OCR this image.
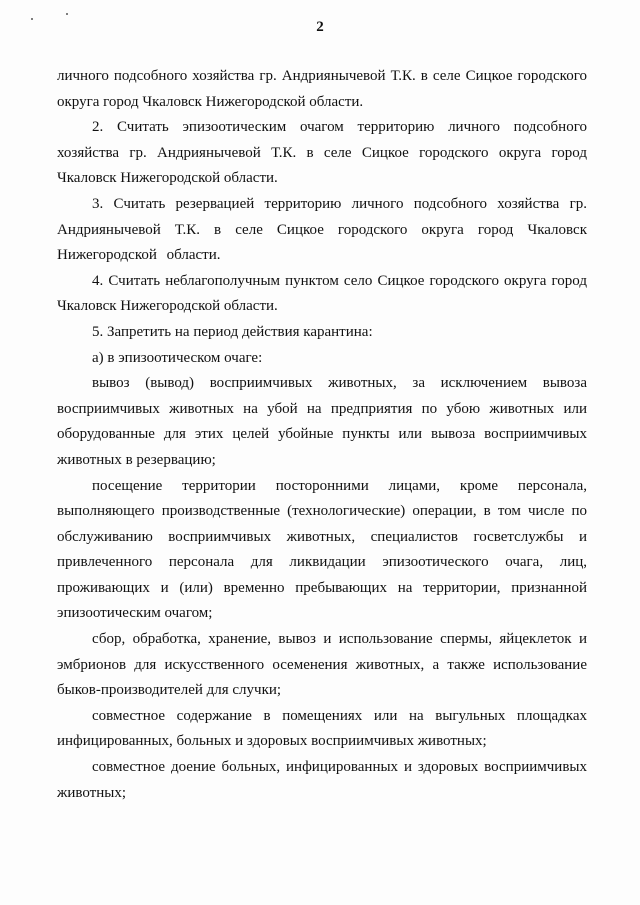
2

личного подсобного хозяйства гр. Андриянычевой Т.К. в селе Сицкое городского округа город Чкаловск Нижегородской области.

2. Считать эпизоотическим очагом территорию личного подсобного хозяйства гр. Андриянычевой Т.К. в селе Сицкое городского округа город Чкаловск Нижегородской области.

3. Считать резервацией территорию личного подсобного хозяйства гр. Андриянычевой Т.К. в селе Сицкое городского округа город Чкаловск Нижегородской области.

4. Считать неблагополучным пунктом село Сицкое городского округа город Чкаловск Нижегородской области.

5. Запретить на период действия карантина:

а) в эпизоотическом очаге:

вывоз (вывод) восприимчивых животных, за исключением вывоза восприимчивых животных на убой на предприятия по убою животных или оборудованные для этих целей убойные пункты или вывоза восприимчивых животных в резервацию;

посещение территории посторонними лицами, кроме персонала, выполняющего производственные (технологические) операции, в том числе по обслуживанию восприимчивых животных, специалистов госветслужбы и привлеченного персонала для ликвидации эпизоотического очага, лиц, проживающих и (или) временно пребывающих на территории, признанной эпизоотическим очагом;

сбор, обработка, хранение, вывоз и использование спермы, яйцеклеток и эмбрионов для искусственного осеменения животных, а также использование быков-производителей для случки;

совместное содержание в помещениях или на выгульных площадках инфицированных, больных и здоровых восприимчивых животных;

совместное доение больных, инфицированных и здоровых восприимчивых животных;
